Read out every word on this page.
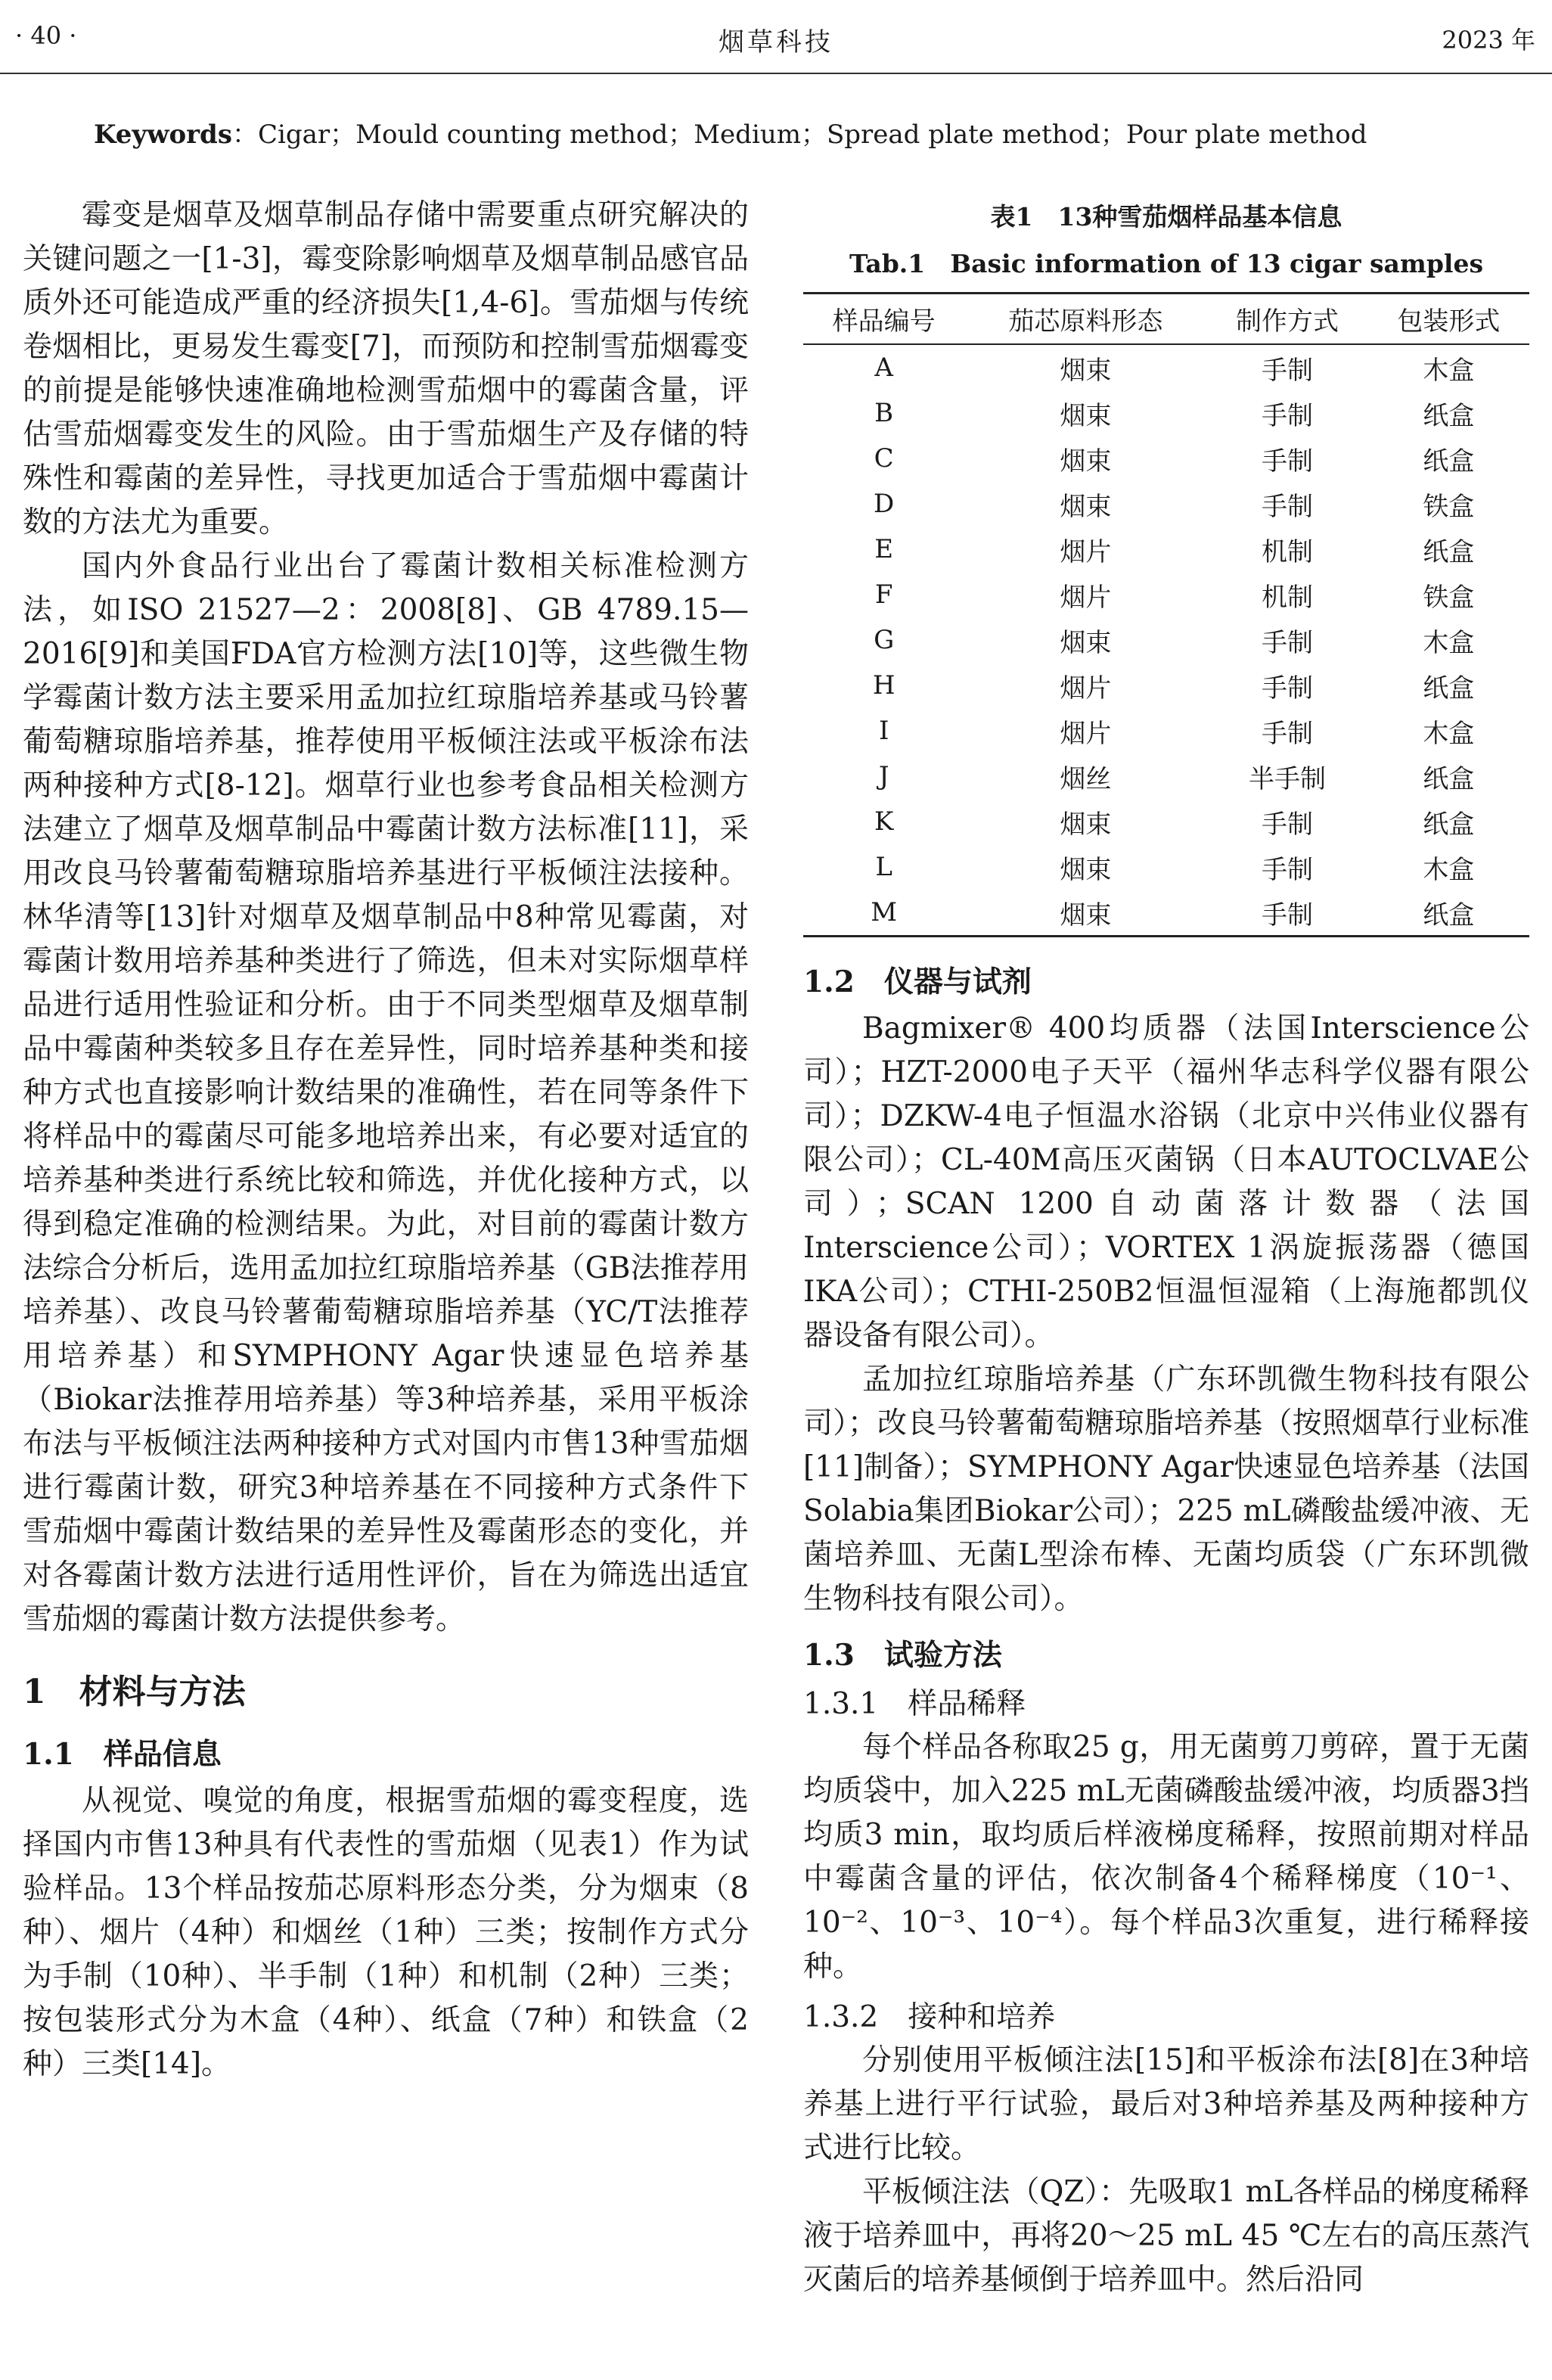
· 40 ·	烟草科技	2023 年
Keywords：Cigar；Mould counting method；Medium；Spread plate method；Pour plate method

霉变是烟草及烟草制品存储中需要重点研究解决的关键问题之一[1-3]，霉变除影响烟草及烟草制品感官品质外还可能造成严重的经济损失[1,4-6]。雪茄烟与传统卷烟相比，更易发生霉变[7]，而预防和控制雪茄烟霉变的前提是能够快速准确地检测雪茄烟中的霉菌含量，评估雪茄烟霉变发生的风险。由于雪茄烟生产及存储的特殊性和霉菌的差异性，寻找更加适合于雪茄烟中霉菌计数的方法尤为重要。

国内外食品行业出台了霉菌计数相关标准检测方法，如ISO 21527—2：2008[8]、GB 4789.15—2016[9]和美国FDA官方检测方法[10]等，这些微生物学霉菌计数方法主要采用孟加拉红琼脂培养基或马铃薯葡萄糖琼脂培养基，推荐使用平板倾注法或平板涂布法两种接种方式[8-12]。烟草行业也参考食品相关检测方法建立了烟草及烟草制品中霉菌计数方法标准[11]，采用改良马铃薯葡萄糖琼脂培养基进行平板倾注法接种。林华清等[13]针对烟草及烟草制品中8种常见霉菌，对霉菌计数用培养基种类进行了筛选，但未对实际烟草样品进行适用性验证和分析。由于不同类型烟草及烟草制品中霉菌种类较多且存在差异性，同时培养基种类和接种方式也直接影响计数结果的准确性，若在同等条件下将样品中的霉菌尽可能多地培养出来，有必要对适宜的培养基种类进行系统比较和筛选，并优化接种方式，以得到稳定准确的检测结果。为此，对目前的霉菌计数方法综合分析后，选用孟加拉红琼脂培养基（GB法推荐用培养基）、改良马铃薯葡萄糖琼脂培养基（YC/T法推荐用培养基）和SYMPHONY Agar快速显色培养基（Biokar法推荐用培养基）等3种培养基，采用平板涂布法与平板倾注法两种接种方式对国内市售13种雪茄烟进行霉菌计数，研究3种培养基在不同接种方式条件下雪茄烟中霉菌计数结果的差异性及霉菌形态的变化，并对各霉菌计数方法进行适用性评价，旨在为筛选出适宜雪茄烟的霉菌计数方法提供参考。

1　材料与方法
1.1　样品信息

从视觉、嗅觉的角度，根据雪茄烟的霉变程度，选择国内市售13种具有代表性的雪茄烟（见表1）作为试验样品。13个样品按茄芯原料形态分类，分为烟束（8种）、烟片（4种）和烟丝（1种）三类；按制作方式分为手制（10种）、半手制（1种）和机制（2种）三类；按包装形式分为木盒（4种）、纸盒（7种）和铁盒（2种）三类[14]。

表1　13种雪茄烟样品基本信息
Tab.1　Basic information of 13 cigar samples
样品编号	茄芯原料形态	制作方式	包装形式
A	烟束	手制	木盒
B	烟束	手制	纸盒
C	烟束	手制	纸盒
D	烟束	手制	铁盒
E	烟片	机制	纸盒
F	烟片	机制	铁盒
G	烟束	手制	木盒
H	烟片	手制	纸盒
I	烟片	手制	木盒
J	烟丝	半手制	纸盒
K	烟束	手制	纸盒
L	烟束	手制	木盒
M	烟束	手制	纸盒
1.2　仪器与试剂

Bagmixer® 400均质器（法国Interscience公司）；HZT-2000电子天平（福州华志科学仪器有限公司）；DZKW-4电子恒温水浴锅（北京中兴伟业仪器有限公司）；CL-40M高压灭菌锅（日本AUTOCLVAE公司）；SCAN 1200自动菌落计数器（法国Interscience公司）；VORTEX 1涡旋振荡器（德国IKA公司）；CTHI-250B2恒温恒湿箱（上海施都凯仪器设备有限公司）。

孟加拉红琼脂培养基（广东环凯微生物科技有限公司）；改良马铃薯葡萄糖琼脂培养基（按照烟草行业标准[11]制备）；SYMPHONY Agar快速显色培养基（法国Solabia集团Biokar公司）；225 mL磷酸盐缓冲液、无菌培养皿、无菌L型涂布棒、无菌均质袋（广东环凯微生物科技有限公司）。

1.3　试验方法
1.3.1　样品稀释

每个样品各称取25 g，用无菌剪刀剪碎，置于无菌均质袋中，加入225 mL无菌磷酸盐缓冲液，均质器3挡均质3 min，取均质后样液梯度稀释，按照前期对样品中霉菌含量的评估，依次制备4个稀释梯度（10⁻¹、10⁻²、10⁻³、10⁻⁴）。每个样品3次重复，进行稀释接种。

1.3.2　接种和培养

分别使用平板倾注法[15]和平板涂布法[8]在3种培养基上进行平行试验，最后对3种培养基及两种接种方式进行比较。

平板倾注法（QZ）：先吸取1 mL各样品的梯度稀释液于培养皿中，再将20～25 mL 45 ℃左右的高压蒸汽灭菌后的培养基倾倒于培养皿中。然后沿同
